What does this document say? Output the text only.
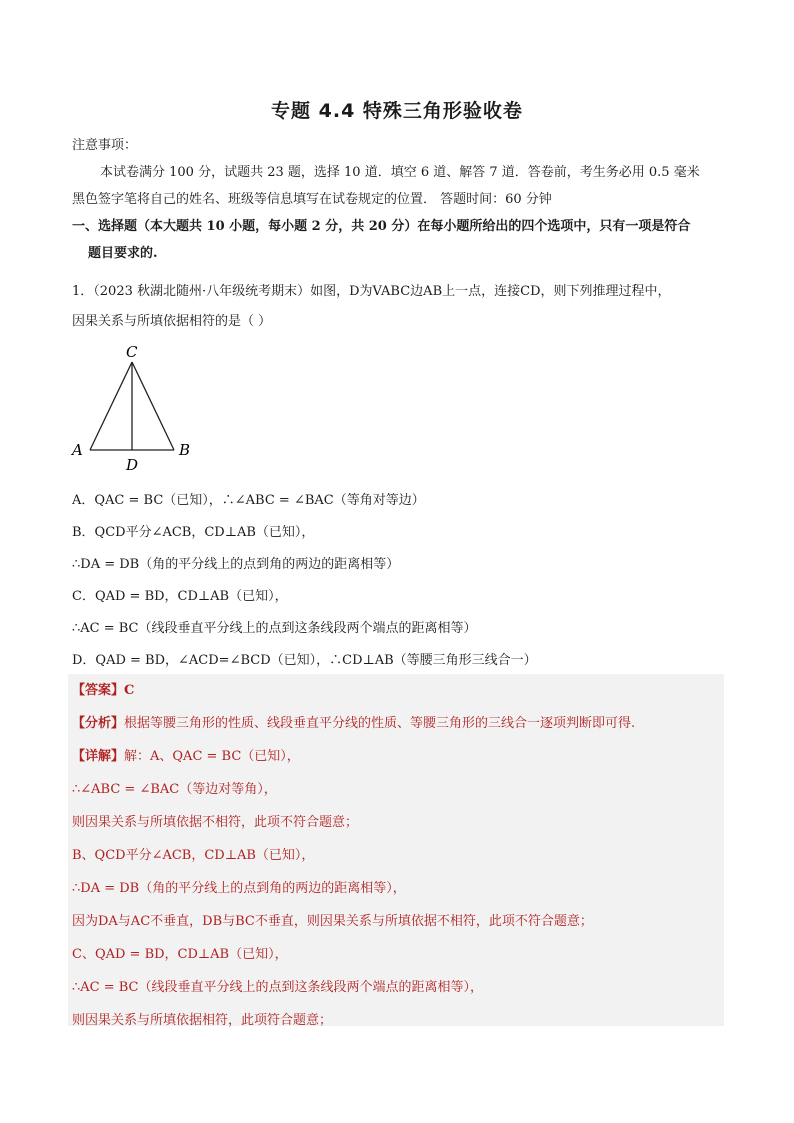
专题 4.4 特殊三角形验收卷
注意事项：
本试卷满分 100 分，试题共 23 题，选择 10 道．填空 6 道、解答 7 道．答卷前，考生务必用 0.5 毫米
黑色签字笔将自己的姓名、班级等信息填写在试卷规定的位置． 答题时间：60 分钟
一、选择题（本大题共 10 小题，每小题 2 分，共 20 分）在每小题所给出的四个选项中，只有一项是符合
题目要求的.
1．（2023 秋湖北随州·八年级统考期末）如图，D为VABC边AB上一点，连接CD，则下列推理过程中，
因果关系与所填依据相符的是（ ）
C
A
D
B
A．QAC = BC（已知），∴∠ABC = ∠BAC（等角对等边）
B．QCD平分∠ACB，CD⊥AB（已知），
∴DA = DB（角的平分线上的点到角的两边的距离相等）
C．QAD = BD，CD⊥AB（已知），
∴AC = BC（线段垂直平分线上的点到这条线段两个端点的距离相等）
D．QAD = BD，∠ACD=∠BCD（已知），∴CD⊥AB（等腰三角形三线合一）
【答案】C
【分析】根据等腰三角形的性质、线段垂直平分线的性质、等腰三角形的三线合一逐项判断即可得.
【详解】解：A、QAC = BC（已知），
∴∠ABC = ∠BAC（等边对等角），
则因果关系与所填依据不相符，此项不符合题意；
B、QCD平分∠ACB，CD⊥AB（已知），
∴DA = DB（角的平分线上的点到角的两边的距离相等），
因为DA与AC不垂直，DB与BC不垂直，则因果关系与所填依据不相符，此项不符合题意；
C、QAD = BD，CD⊥AB（已知），
∴AC = BC（线段垂直平分线上的点到这条线段两个端点的距离相等），
则因果关系与所填依据相符，此项符合题意；
